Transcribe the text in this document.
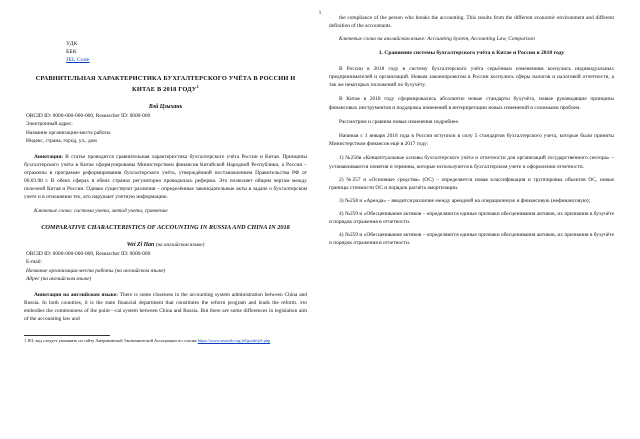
1
УДК
ББК
JEL Code
СРАВНИТЕЛЬНАЯ ХАРАКТЕРИСТИКА БУХГАЛТЕРСКОГО УЧЁТА В РОССИИ И КИТАЕ В 2018 ГОДУ$^1$
Вэй Цзыхань
ORCID ID: 0000-000-000-000, Researcher ID: 0000-000
Электронный адрес:
Название организации-места работы
Индекс, страна, город, ул., дом
Аннотация: В статье проводится сравнительная характеристика бухгалтерского учёта России и Китая. Принципы бухгалтерского учёта в Китае сформулированы Министерством финансов Китайской Народной Республики, а России – отражены в программе реформирования бухгалтерского учёта, утверждённой постановлением Правительства РФ от 06.03.98 г. В обеих сферах в обеих странах регуляторно проводилась реформа. Это позволяет общим чертам между полезной Китая и России. Однако существуют различия – определённые законодательные акты в задаче о бухгалтерском учете и в отношении тех, кто нарушает учетную информацию.
Ключевые слова: система учета, метод учета, сравнение
COMPARATIVE CHARACTERISTICS OF ACCOUNTING IN RUSSIA AND CHINA IN 2018
Wei Zi Han (на английском языке)
ORCID ID: 0000-000-000-000, Researcher ID: 0000-000
E-mail:
Название организации-места работы (на английском языке)
Адрес (на английском языке)
Аннотация на английском языке: There is some closeness in the accounting system administration between China and Russia. In both countries, it is the state financial department that constitutes the reform program and leads the reform. это embodies the commonness of the point—cal system between China and Russia. But there are some differences in legislation aim of the accounting law and
1 JEL-код следует указывать по сайту Американской Экономической Ассоциации по ссылке https://www.aeaweb.org/jel/guide/jel.php
the compliance of the person who breaks the accounting. This results from the different economic environment and different definition of the accountants.
Ключевые слова на английском языке: Accounting System, Accounting Law, Comparison
1. Сравнение системы бухгалтерского учёта в Китае и России в 2018 году
В России в 2018 году в систему бухгалтерского учёта серьёзным изменениям коснулись индивидуальных предпринимателей и организаций. Новым законопроектом в России коснулись сферы налогов и налоговой отчетности, а так же некоторых положений по бухучёту.
В Китае в 2018 году сформировались абсолютно новые стандарты бухучёта, новые руководящие принципы финансовых инструментов и поддержка изменений в интерпретации новых изменений и сложными проблем.
Рассмотрим и сравним новые изменения подробнее.
Начиная с 1 января 2018 года в России вступили в силу 5 стандартов бухгалтерского учета, которые были приняты Министерством финансов ещё в 2017 году:
1) №256в «Концептуальные основы бухгалтерского учёта и отчетности для организаций государственного сектора» – устанавливаются понятия и термины, которые используются в бухгалтерском учете и оформлении отчетности.
2) №257 и «Основные средства» (ОС) – определяется новая классификация и группировка объектов ОС, новые границы стоимости ОС и порядок расчёта амортизации.
3) №258 и «Аренда» – вводится различие между арендной на операционную и финансовую (нефинансовую);
4) №259 и «Обесценивание активов – определяются единые признаки обесценивания активов, их признания в бухучёте и порядок отражения в отчетности.
4) №259 и «Обесценивание активов – определяются единые признаки обесценивания активов, их признания в бухучёте и порядок отражения в отчетности.
